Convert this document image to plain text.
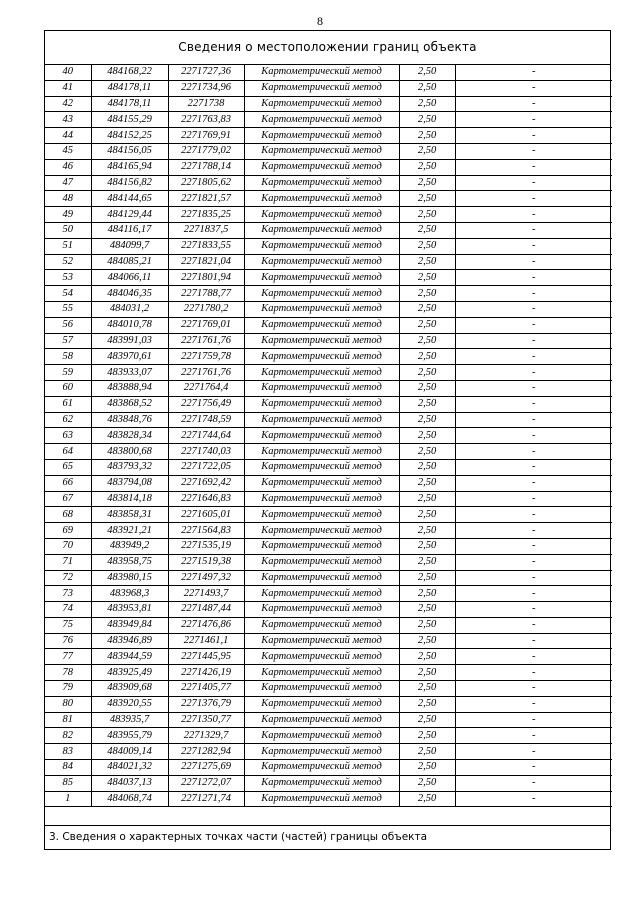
8
Сведения о местоположении границ объекта
40	484168,22	2271727,36	Картометрический метод	2,50	-
41	484178,11	2271734,96	Картометрический метод	2,50	-
42	484178,11	2271738	Картометрический метод	2,50	-
43	484155,29	2271763,83	Картометрический метод	2,50	-
44	484152,25	2271769,91	Картометрический метод	2,50	-
45	484156,05	2271779,02	Картометрический метод	2,50	-
46	484165,94	2271788,14	Картометрический метод	2,50	-
47	484156,82	2271805,62	Картометрический метод	2,50	-
48	484144,65	2271821,57	Картометрический метод	2,50	-
49	484129,44	2271835,25	Картометрический метод	2,50	-
50	484116,17	2271837,5	Картометрический метод	2,50	-
51	484099,7	2271833,55	Картометрический метод	2,50	-
52	484085,21	2271821,04	Картометрический метод	2,50	-
53	484066,11	2271801,94	Картометрический метод	2,50	-
54	484046,35	2271788,77	Картометрический метод	2,50	-
55	484031,2	2271780,2	Картометрический метод	2,50	-
56	484010,78	2271769,01	Картометрический метод	2,50	-
57	483991,03	2271761,76	Картометрический метод	2,50	-
58	483970,61	2271759,78	Картометрический метод	2,50	-
59	483933,07	2271761,76	Картометрический метод	2,50	-
60	483888,94	2271764,4	Картометрический метод	2,50	-
61	483868,52	2271756,49	Картометрический метод	2,50	-
62	483848,76	2271748,59	Картометрический метод	2,50	-
63	483828,34	2271744,64	Картометрический метод	2,50	-
64	483800,68	2271740,03	Картометрический метод	2,50	-
65	483793,32	2271722,05	Картометрический метод	2,50	-
66	483794,08	2271692,42	Картометрический метод	2,50	-
67	483814,18	2271646,83	Картометрический метод	2,50	-
68	483858,31	2271605,01	Картометрический метод	2,50	-
69	483921,21	2271564,83	Картометрический метод	2,50	-
70	483949,2	2271535,19	Картометрический метод	2,50	-
71	483958,75	2271519,38	Картометрический метод	2,50	-
72	483980,15	2271497,32	Картометрический метод	2,50	-
73	483968,3	2271493,7	Картометрический метод	2,50	-
74	483953,81	2271487,44	Картометрический метод	2,50	-
75	483949,84	2271476,86	Картометрический метод	2,50	-
76	483946,89	2271461,1	Картометрический метод	2,50	-
77	483944,59	2271445,95	Картометрический метод	2,50	-
78	483925,49	2271426,19	Картометрический метод	2,50	-
79	483909,68	2271405,77	Картометрический метод	2,50	-
80	483920,55	2271376,79	Картометрический метод	2,50	-
81	483935,7	2271350,77	Картометрический метод	2,50	-
82	483955,79	2271329,7	Картометрический метод	2,50	-
83	484009,14	2271282,94	Картометрический метод	2,50	-
84	484021,32	2271275,69	Картометрический метод	2,50	-
85	484037,13	2271272,07	Картометрический метод	2,50	-
1	484068,74	2271271,74	Картометрический метод	2,50	-
3. Сведения о характерных точках части (частей) границы объекта
